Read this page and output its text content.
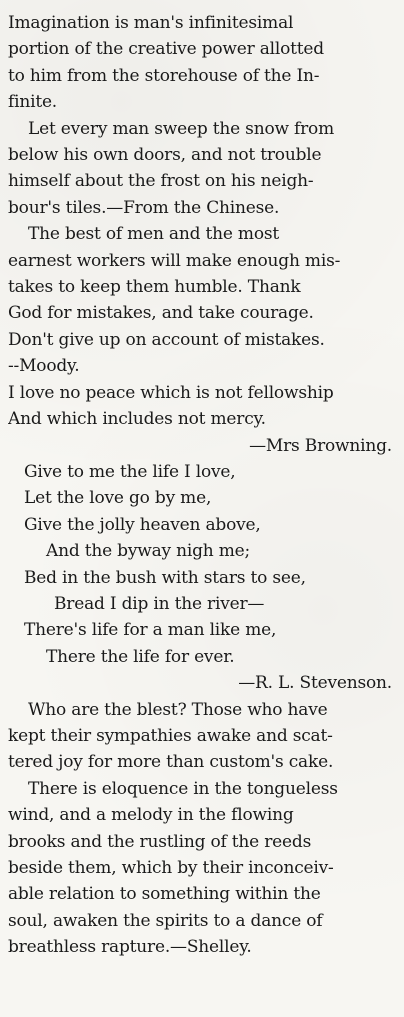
Imagination is man's infinitesimal
portion of the creative power allotted
to him from the storehouse of the In-
finite.
Let every man sweep the snow from
below his own doors, and not trouble
himself about the frost on his neigh-
bour's tiles.—From the Chinese.
The best of men and the most
earnest workers will make enough mis-
takes to keep them humble. Thank
God for mistakes, and take courage.
Don't give up on account of mistakes.
--Moody.
I love no peace which is not fellowship
And which includes not mercy.
—Mrs Browning.
Give to me the life I love,
Let the love go by me,
Give the jolly heaven above,
And the byway nigh me;
Bed in the bush with stars to see,
Bread I dip in the river—
There's life for a man like me,
There the life for ever.
—R. L. Stevenson.
Who are the blest? Those who have
kept their sympathies awake and scat-
tered joy for more than custom's cake.
There is eloquence in the tongueless
wind, and a melody in the flowing
brooks and the rustling of the reeds
beside them, which by their inconceiv-
able relation to something within the
soul, awaken the spirits to a dance of
breathless rapture.—Shelley.
